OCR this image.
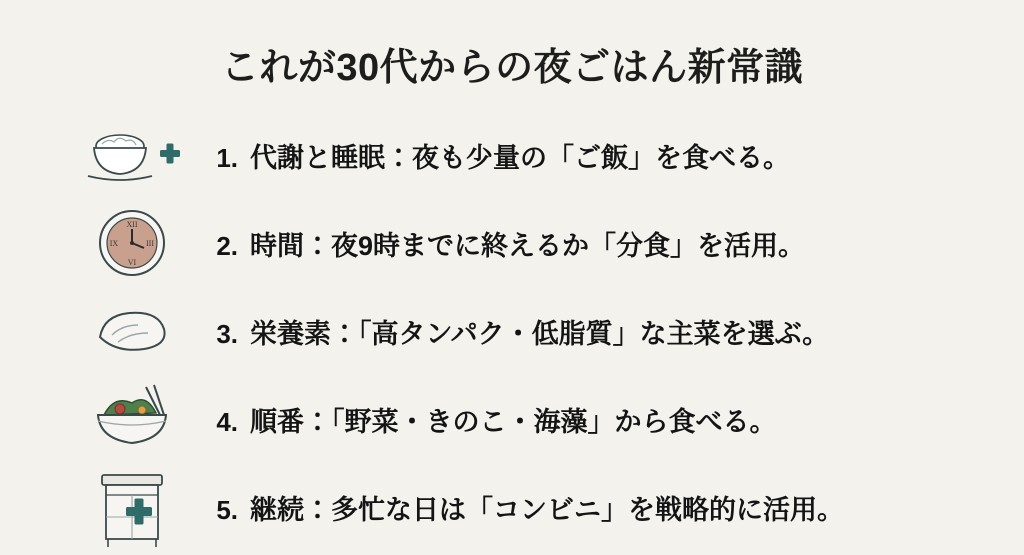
これが30代からの夜ごはん新常識
1. 代謝と睡眠：夜も少量の「ご飯」を食べる。
XII
III
VI
IX	2. 時間：夜9時までに終えるか「分食」を活用。
3. 栄養素：「高タンパク・低脂質」な主菜を選ぶ。
4. 順番：「野菜・きのこ・海藻」から食べる。
5. 継続：多忙な日は「コンビニ」を戦略的に活用。
